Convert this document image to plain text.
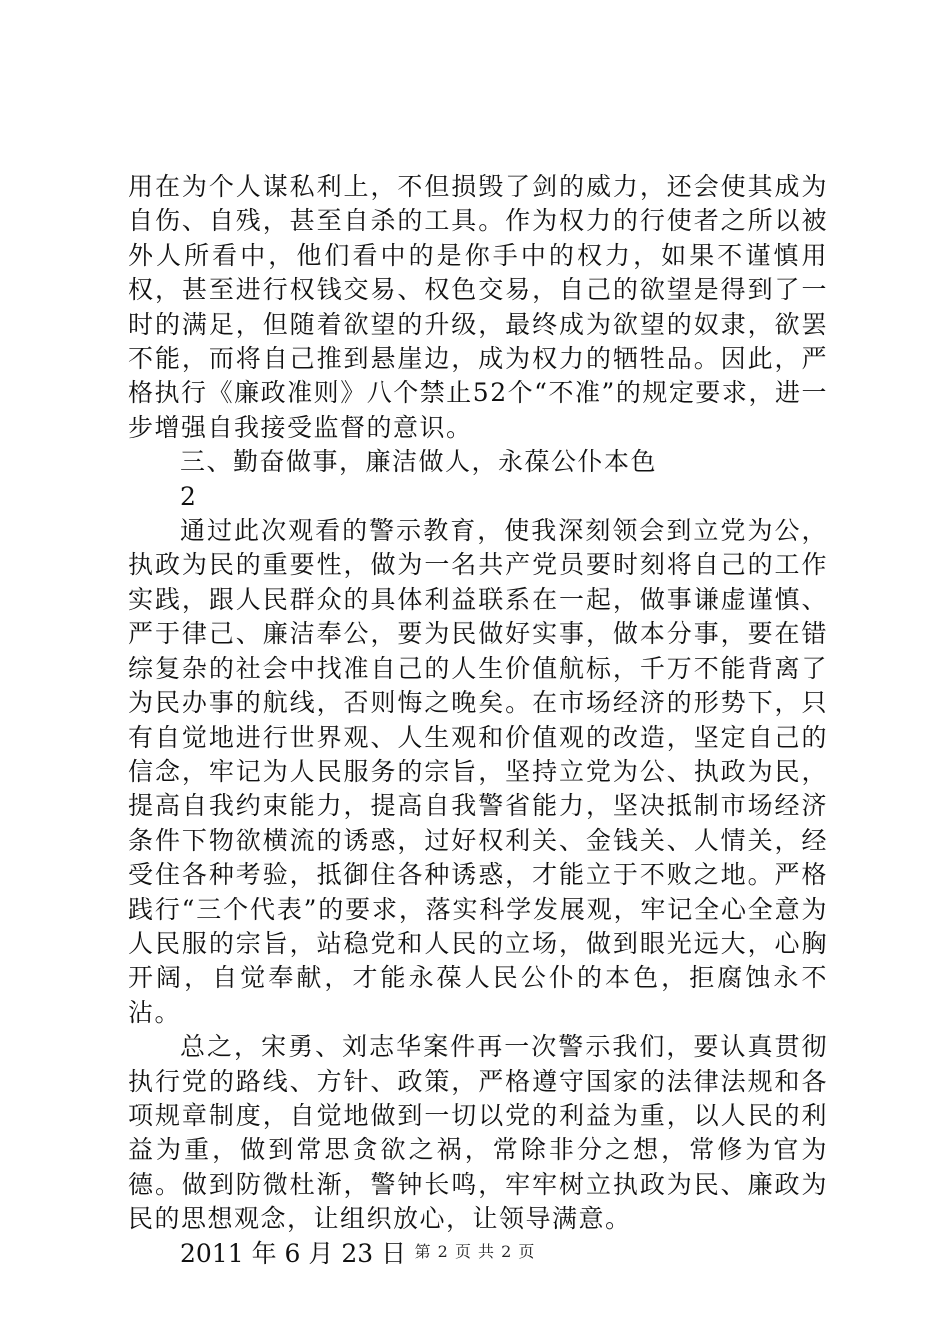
用在为个人谋私利上，不但损毁了剑的威力，还会使其成为自伤、自残，甚至自杀的工具。作为权力的行使者之所以被外人所看中，他们看中的是你手中的权力，如果不谨慎用权，甚至进行权钱交易、权色交易，自己的欲望是得到了一时的满足，但随着欲望的升级，最终成为欲望的奴隶，欲罢不能，而将自己推到悬崖边，成为权力的牺牲品。因此，严格执行《廉政准则》八个禁止52个“不准”的规定要求，进一步增强自我接受监督的意识。

三、勤奋做事，廉洁做人，永葆公仆本色

2

通过此次观看的警示教育，使我深刻领会到立党为公，执政为民的重要性，做为一名共产党员要时刻将自己的工作实践，跟人民群众的具体利益联系在一起，做事谦虚谨慎、严于律己、廉洁奉公，要为民做好实事，做本分事，要在错综复杂的社会中找准自己的人生价值航标，千万不能背离了为民办事的航线，否则悔之晚矣。在市场经济的形势下，只有自觉地进行世界观、人生观和价值观的改造，坚定自己的信念，牢记为人民服务的宗旨，坚持立党为公、执政为民，提高自我约束能力，提高自我警省能力，坚决抵制市场经济条件下物欲横流的诱惑，过好权利关、金钱关、人情关，经受住各种考验，抵御住各种诱惑，才能立于不败之地。严格践行“三个代表”的要求，落实科学发展观，牢记全心全意为人民服的宗旨，站稳党和人民的立场，做到眼光远大，心胸开阔，自觉奉献，才能永葆人民公仆的本色，拒腐蚀永不沾。

总之，宋勇、刘志华案件再一次警示我们，要认真贯彻执行党的路线、方针、政策，严格遵守国家的法律法规和各项规章制度，自觉地做到一切以党的利益为重，以人民的利益为重，做到常思贪欲之祸，常除非分之想，常修为官为德。做到防微杜渐，警钟长鸣，牢牢树立执政为民、廉政为民的思想观念，让组织放心，让领导满意。

2011 年 6 月 23 日 第 2 页 共 2 页
